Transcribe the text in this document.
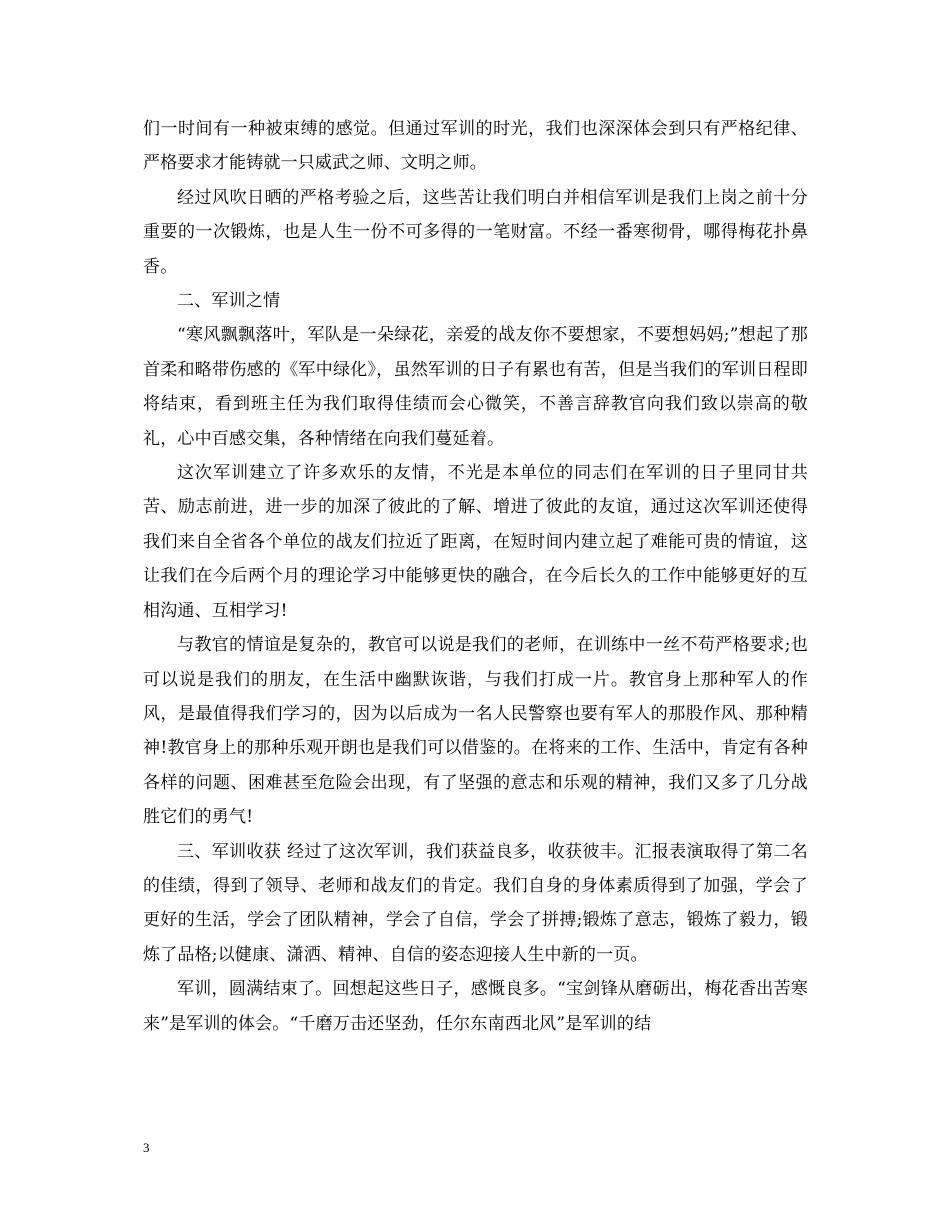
们一时间有一种被束缚的感觉。但通过军训的时光，我们也深深体会到只有严格纪律、严格要求才能铸就一只威武之师、文明之师。

经过风吹日晒的严格考验之后，这些苦让我们明白并相信军训是我们上岗之前十分重要的一次锻炼，也是人生一份不可多得的一笔财富。不经一番寒彻骨，哪得梅花扑鼻香。

二、军训之情

“寒风飘飘落叶，军队是一朵绿花，亲爱的战友你不要想家，不要想妈妈;”想起了那首柔和略带伤感的《军中绿化》，虽然军训的日子有累也有苦，但是当我们的军训日程即将结束，看到班主任为我们取得佳绩而会心微笑，不善言辞教官向我们致以崇高的敬礼，心中百感交集，各种情绪在向我们蔓延着。

这次军训建立了许多欢乐的友情，不光是本单位的同志们在军训的日子里同甘共苦、励志前进，进一步的加深了彼此的了解、增进了彼此的友谊，通过这次军训还使得我们来自全省各个单位的战友们拉近了距离，在短时间内建立起了难能可贵的情谊，这让我们在今后两个月的理论学习中能够更快的融合，在今后长久的工作中能够更好的互相沟通、互相学习!

与教官的情谊是复杂的，教官可以说是我们的老师，在训练中一丝不苟严格要求;也可以说是我们的朋友，在生活中幽默诙谐，与我们打成一片。教官身上那种军人的作风，是最值得我们学习的，因为以后成为一名人民警察也要有军人的那股作风、那种精神!教官身上的那种乐观开朗也是我们可以借鉴的。在将来的工作、生活中，肯定有各种各样的问题、困难甚至危险会出现，有了坚强的意志和乐观的精神，我们又多了几分战胜它们的勇气!

三、军训收获 经过了这次军训，我们获益良多，收获彼丰。汇报表演取得了第二名的佳绩，得到了领导、老师和战友们的肯定。我们自身的身体素质得到了加强，学会了更好的生活，学会了团队精神，学会了自信，学会了拼搏;锻炼了意志，锻炼了毅力，锻炼了品格;以健康、潇洒、精神、自信的姿态迎接人生中新的一页。

军训，圆满结束了。回想起这些日子，感慨良多。“宝剑锋从磨砺出，梅花香出苦寒来”是军训的体会。“千磨万击还坚劲，任尔东南西北风”是军训的结

3
